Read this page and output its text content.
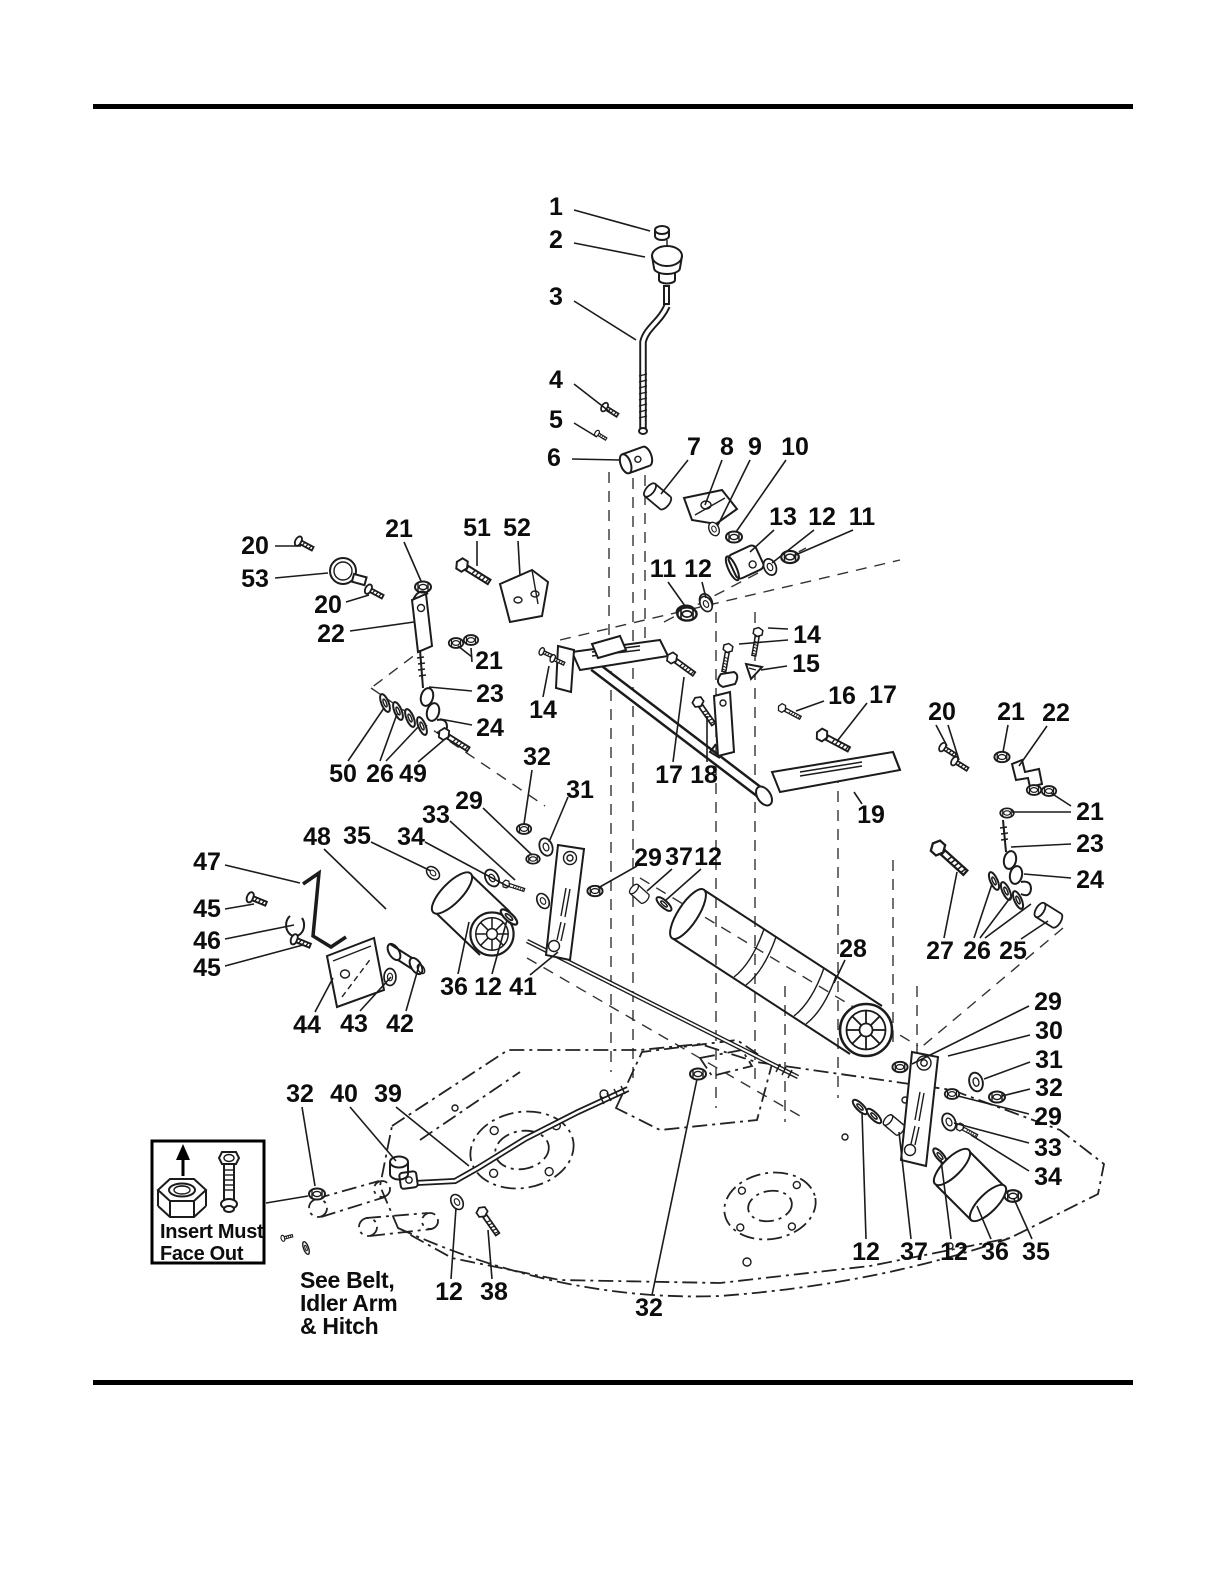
Insert Must
Face Out
See Belt,
Idler Arm
& Hitch
1
2
3
4
5
6	7 8 9 10
13 12 11
11 12
20
53
21 51 52
20
22
21
23
24
14
50 26 49
32
31
29
33
34
35
48
47
45
46
45
44 43 42
36 12 41
29 37 12
14
15
16 17
17 18
19
28 27 26 25
20 21 22
21
23
24
29
30
31
32
29
33
34
12 37 12 36 35
32 40 39
12 38
32
